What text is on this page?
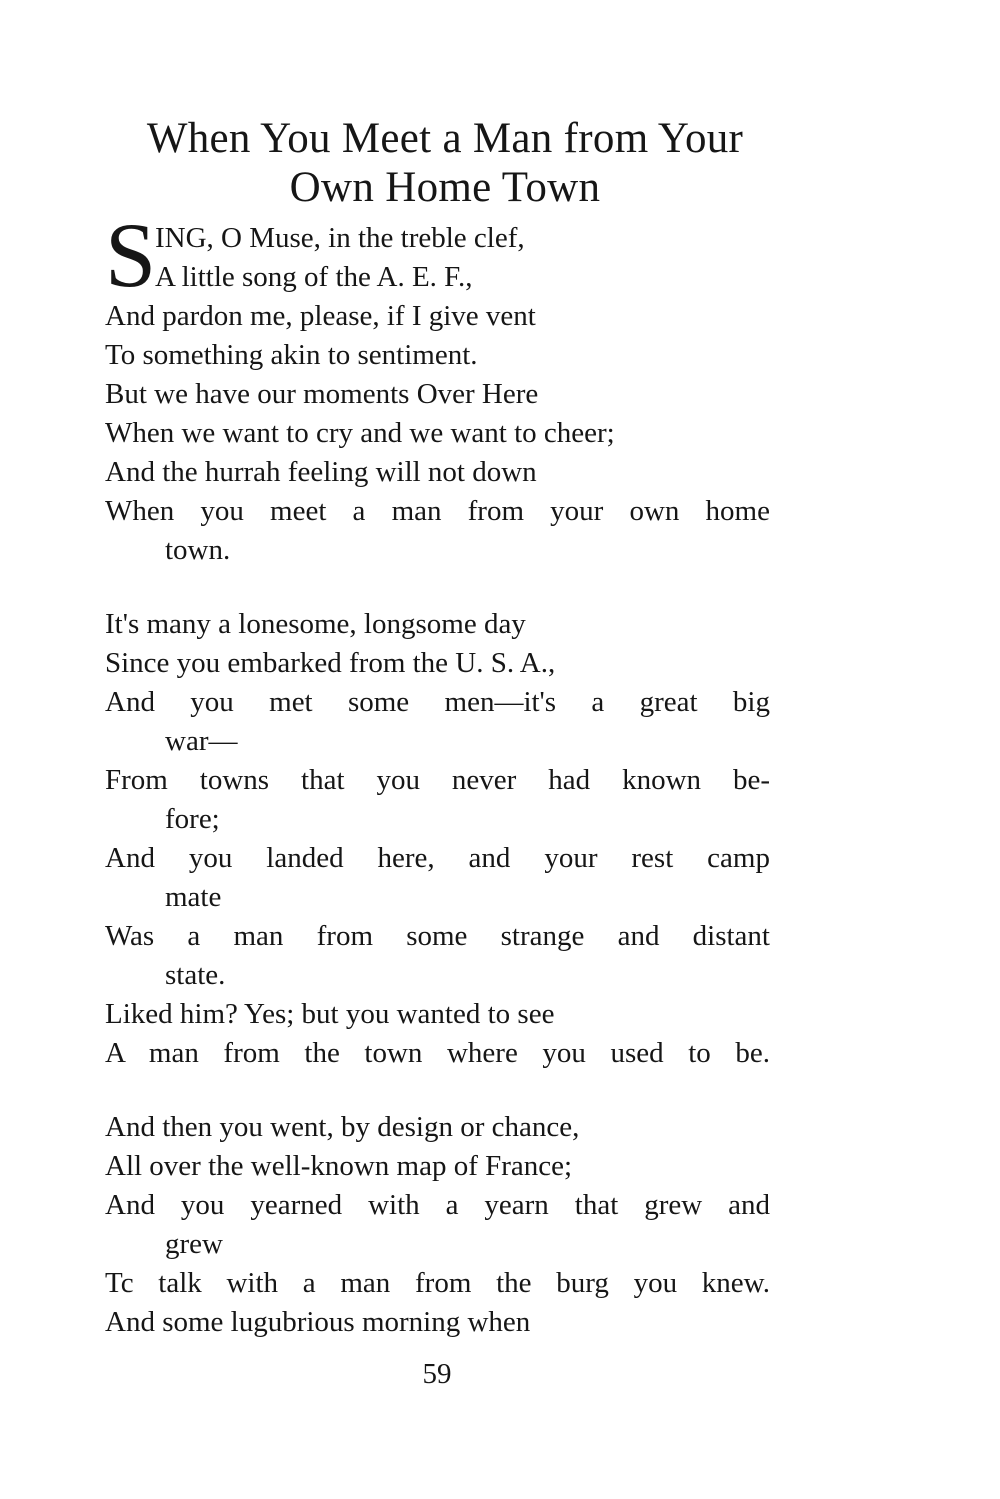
When You Meet a Man from Your
Own Home Town
S
ING, O Muse, in the treble clef,
A little song of the A. E. F.,
And pardon me, please, if I give vent
To something akin to sentiment.
But we have our moments Over Here
When we want to cry and we want to cheer;
And the hurrah feeling will not down
When you meet a man from your own home
town.
It's many a lonesome, longsome day
Since you embarked from the U. S. A.,
And you met some men—it's a great big
war—
From towns that you never had known be-
fore;
And you landed here, and your rest camp
mate
Was a man from some strange and distant
state.
Liked him? Yes; but you wanted to see
A man from the town where you used to be.
And then you went, by design or chance,
All over the well-known map of France;
And you yearned with a yearn that grew and
grew
Tc talk with a man from the burg you knew.
And some lugubrious morning when
59
